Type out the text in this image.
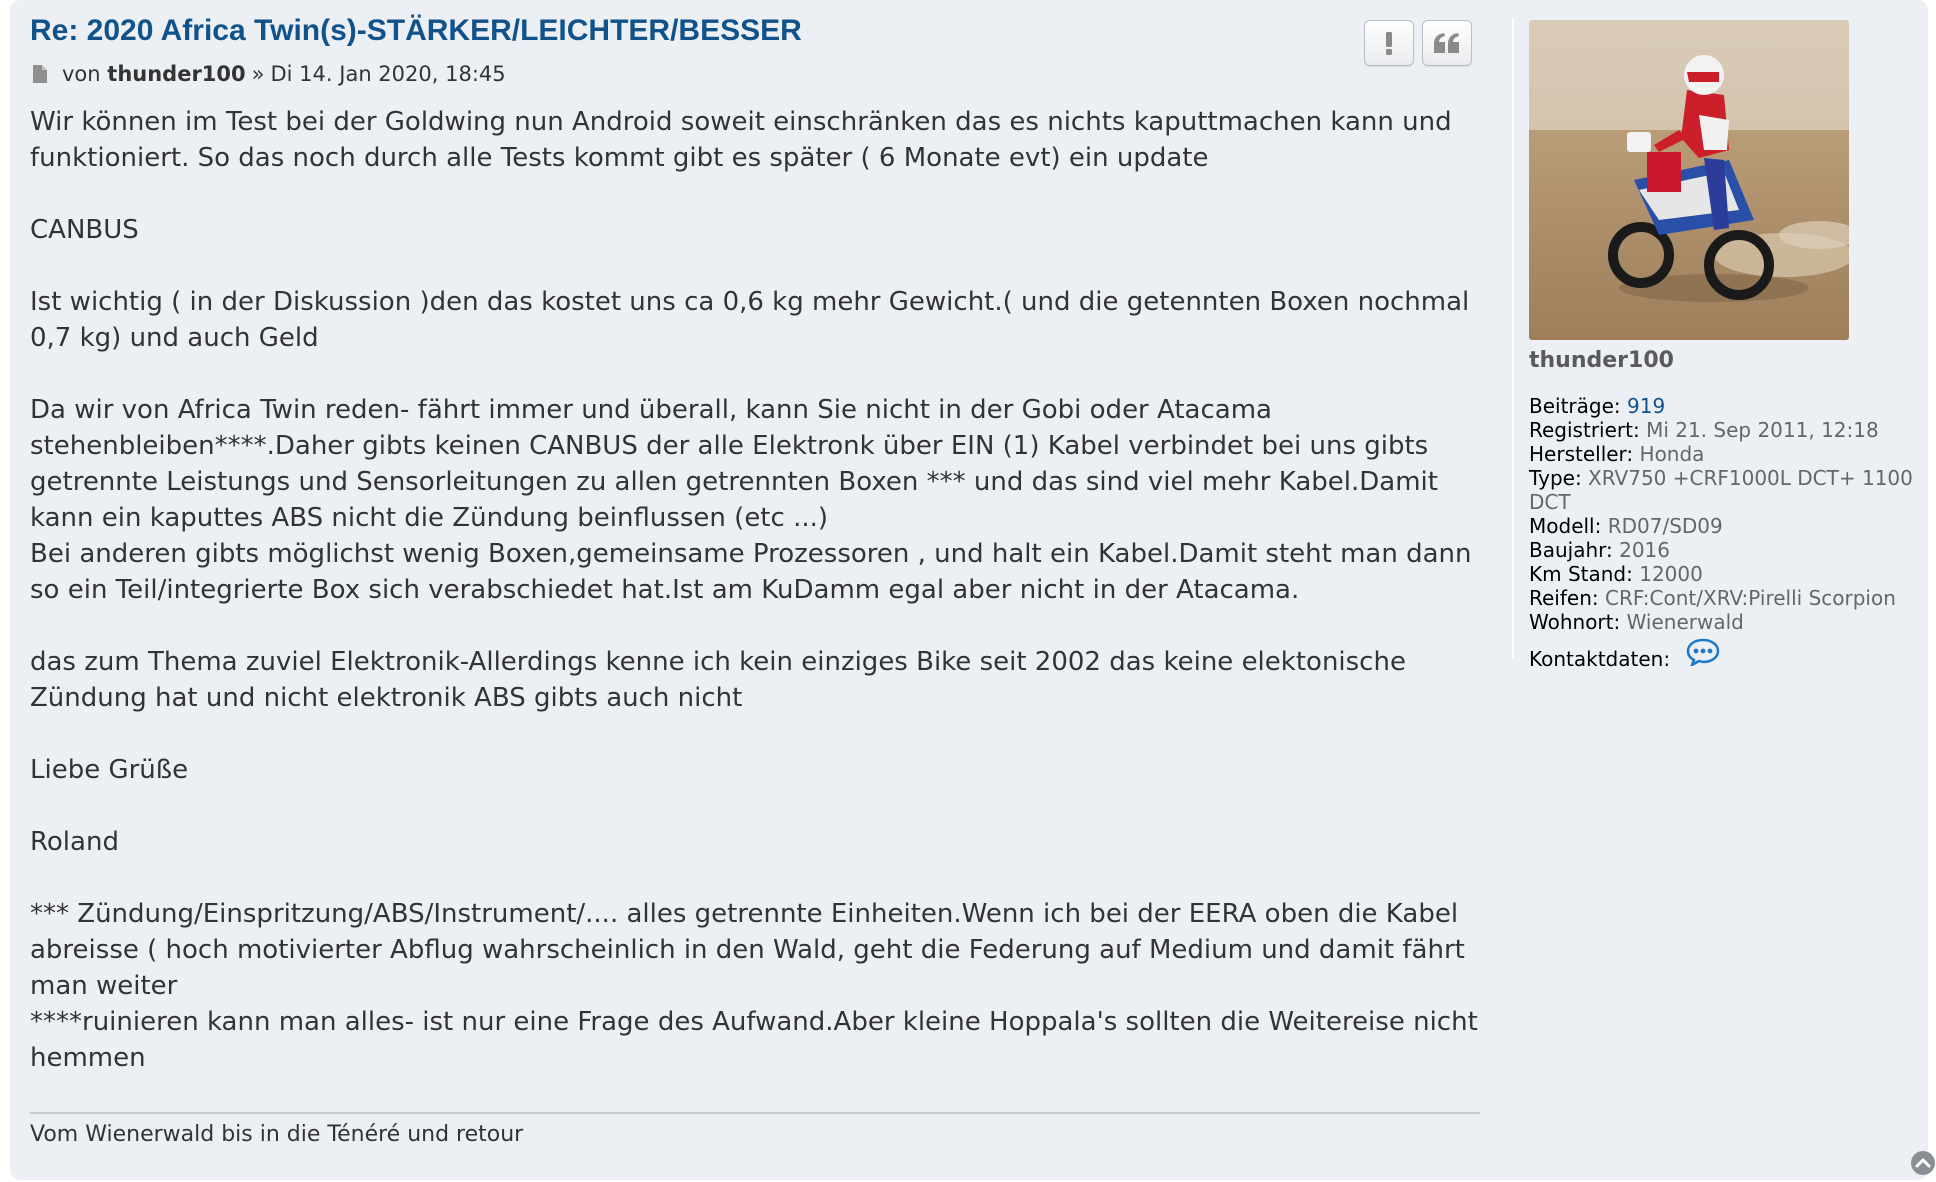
Re: 2020 Africa Twin(s)-STÄRKER/LEICHTER/BESSER
von
thunder100 » Di 14. Jan 2020, 18:45
Wir können im Test bei der Goldwing nun Android soweit einschränken das es nichts kaputtmachen kann und funktioniert. So das noch durch alle Tests kommt gibt es später ( 6 Monate evt) ein update

CANBUS

Ist wichtig ( in der Diskussion )den das kostet uns ca 0,6 kg mehr Gewicht.( und die getennten Boxen nochmal 0,7 kg) und auch Geld

Da wir von Africa Twin reden- fährt immer und überall, kann Sie nicht in der Gobi oder Atacama stehenbleiben****.Daher gibts keinen CANBUS der alle Elektronk über EIN (1) Kabel verbindet bei uns gibts getrennte Leistungs und Sensorleitungen zu allen getrennten Boxen *** und das sind viel mehr Kabel.Damit kann ein kaputtes ABS nicht die Zündung beinflussen (etc ...)
Bei anderen gibts möglichst wenig Boxen,gemeinsame Prozessoren , und halt ein Kabel.Damit steht man dann so ein Teil/integrierte Box sich verabschiedet hat.Ist am KuDamm egal aber nicht in der Atacama.

das zum Thema zuviel Elektronik-Allerdings kenne ich kein einziges Bike seit 2002 das keine elektonische Zündung hat und nicht elektronik ABS gibts auch nicht

Liebe Grüße

Roland

*** Zündung/Einspritzung/ABS/Instrument/.... alles getrennte Einheiten.Wenn ich bei der EERA oben die Kabel abreisse ( hoch motivierter Abflug wahrscheinlich in den Wald, geht die Federung auf Medium und damit fährt man weiter
****ruinieren kann man alles- ist nur eine Frage des Aufwand.Aber kleine Hoppala's sollten die Weitereise nicht hemmen
Vom Wienerwald bis in die Ténéré und retour
thunder100
Beiträge: 919
Registriert: Mi 21. Sep 2011, 12:18
Hersteller: Honda
Type: XRV750 +CRF1000L DCT+ 1100 DCT
Modell: RD07/SD09
Baujahr: 2016
Km Stand: 12000
Reifen: CRF:Cont/XRV:Pirelli Scorpion
Wohnort: Wienerwald
Kontaktdaten:
